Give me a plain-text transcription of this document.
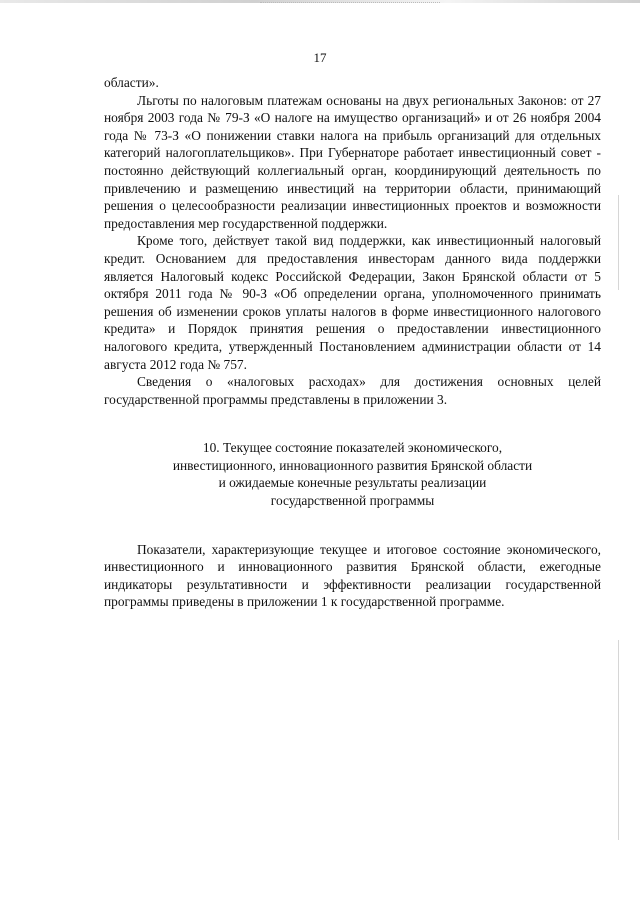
17

области».

Льготы по налоговым платежам основаны на двух региональных Законов: от 27 ноября 2003 года № 79-З «О налоге на имущество организаций» и от 26 ноября 2004 года № 73-З «О понижении ставки налога на прибыль организаций для отдельных категорий налогоплательщиков». При Губернаторе работает инвестиционный совет - постоянно действующий коллегиальный орган, координирующий деятельность по привлечению и размещению инвестиций на территории области, принимающий решения о целесообразности реализации инвестиционных проектов и возможности предоставления мер государственной поддержки.

Кроме того, действует такой вид поддержки, как инвестиционный налоговый кредит. Основанием для предоставления инвесторам данного вида поддержки является Налоговый кодекс Российской Федерации, Закон Брянской области от 5 октября 2011 года № 90-З «Об определении органа, уполномоченного принимать решения об изменении сроков уплаты налогов в форме инвестиционного налогового кредита» и Порядок принятия решения о предоставлении инвестиционного налогового кредита, утвержденный Постановлением администрации области от 14 августа 2012 года № 757.

Сведения о «налоговых расходах» для достижения основных целей государственной программы представлены в приложении 3.

10. Текущее состояние показателей экономического,
инвестиционного, инновационного развития Брянской области
и ожидаемые конечные результаты реализации
государственной программы

Показатели, характеризующие текущее и итоговое состояние экономического, инвестиционного и инновационного развития Брянской области, ежегодные индикаторы результативности и эффективности реализации государственной программы приведены в приложении 1 к государственной программе.
